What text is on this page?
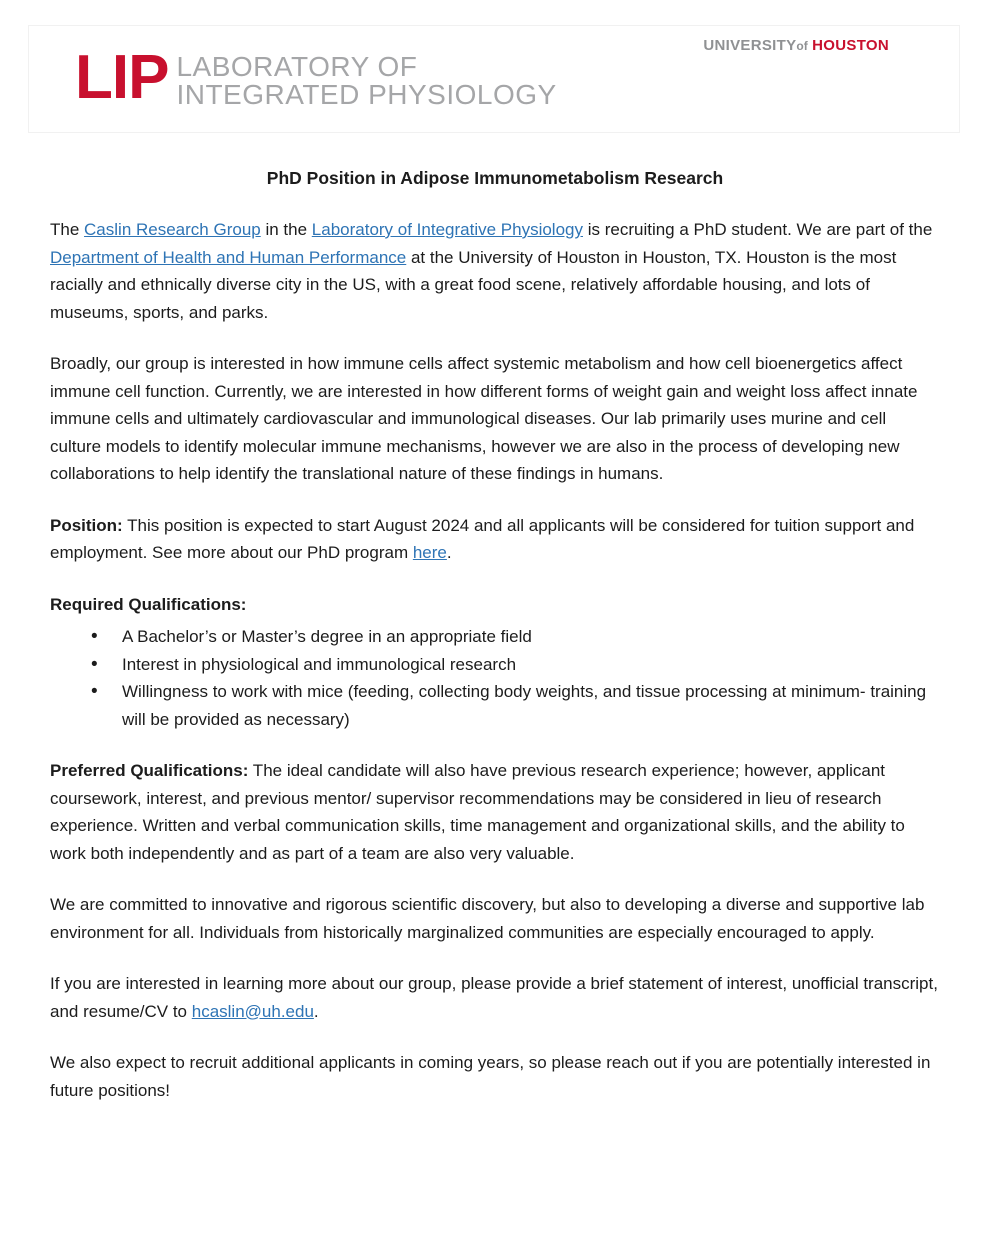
LIP LABORATORY OF
INTEGRATED PHYSIOLOGY
UNIVERSITYof HOUSTON
PhD Position in Adipose Immunometabolism Research

The Caslin Research Group in the Laboratory of Integrative Physiology is recruiting a PhD student. We are part of the Department of Health and Human Performance at the University of Houston in Houston, TX. Houston is the most racially and ethnically diverse city in the US, with a great food scene, relatively affordable housing, and lots of museums, sports, and parks.

Broadly, our group is interested in how immune cells affect systemic metabolism and how cell bioenergetics affect immune cell function. Currently, we are interested in how different forms of weight gain and weight loss affect innate immune cells and ultimately cardiovascular and immunological diseases. Our lab primarily uses murine and cell culture models to identify molecular immune mechanisms, however we are also in the process of developing new collaborations to help identify the translational nature of these findings in humans.

Position: This position is expected to start August 2024 and all applicants will be considered for tuition support and employment. See more about our PhD program here.

Required Qualifications:

• A Bachelor’s or Master’s degree in an appropriate field
• Interest in physiological and immunological research
• Willingness to work with mice (feeding, collecting body weights, and tissue processing at minimum- training will be provided as necessary)

Preferred Qualifications: The ideal candidate will also have previous research experience; however, applicant coursework, interest, and previous mentor/ supervisor recommendations may be considered in lieu of research experience. Written and verbal communication skills, time management and organizational skills, and the ability to work both independently and as part of a team are also very valuable.

We are committed to innovative and rigorous scientific discovery, but also to developing a diverse and supportive lab environment for all. Individuals from historically marginalized communities are especially encouraged to apply.

If you are interested in learning more about our group, please provide a brief statement of interest, unofficial transcript, and resume/CV to hcaslin@uh.edu.

We also expect to recruit additional applicants in coming years, so please reach out if you are potentially interested in future positions!
